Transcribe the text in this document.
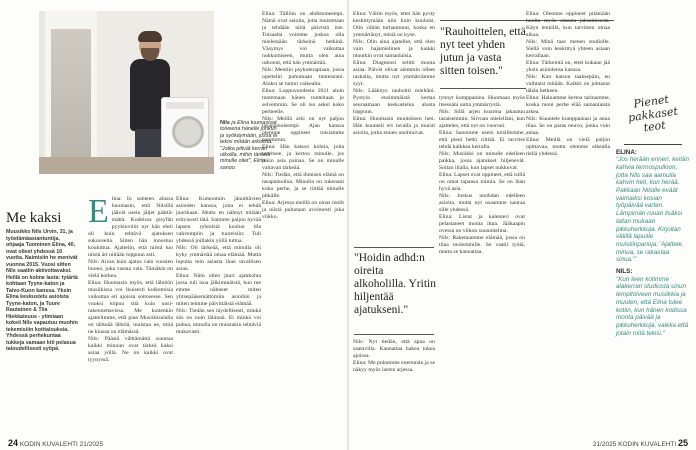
Nils ja Elina tuumasivat toiveena hänelle jonkun ja syökäymään, jossa ei tekisi mitään arkisista. "Jotka pitivät kerran ulkoilla, mihin tärkeät minulle oliet", Elina sanoo.
Me kaksi

Muusikko Nils Urvin, 31, ja työelämäasiantuntija, ohjaaja Tuominen Elina, 40, ovat olleet yhdessä 10 vuotta. Naimisiin he menivät vuonna 2015. Vuosi sitten Nils saatiin aktivoitavaksi. Heillä on kolme lasta: tytärtä kohtaan Tyyne-katon ja Taivo-Kuon kanssa. Yksin Elina keskustelu asioista Tyyne-katon, ja Tuure Rautainen & Tiia Hiekkaisuus - ytimiaan kokeii Nils vapautuu muohin tekemisiiin kotitalouksia. Yhdessä perhekuntaa tukkeja samaan kiti pelasua taloudellisesti syöpä.

E lina: In suhteen alussa huomasin, että Nilsillä jäävät usein jäljet päättä-mättä. Kodeissa pisyfän pyykinviitit nyt hän ehtii oli kuin tehtävä ajatuksen sukuoseita. Siiten hän innostuu kouluttua. Ajattelin, että niistä tuo niistä ärt niitään loppuun asti.

Nils: Aivan kuin ajatus vain vuosien huono, joka vastaa vain. Tämäkin on vielä korkea.

Elina: Huomasin myös, että lähtöön musiikissa voi ikuisesti kulkemisia vaikuttaa eri ajoissa soitosesse. Sen vuoksi toipuu sitä kuin uusi-rakennettavissa. Me kuitenkin ajattelimme, että pian Musiikkialalla on tärkeää lähtöä, muistaa ne, mitä ne kiusaa on elämässä.

Nils: Päästä välttämättä suuntaa kaikki minuun ovat tärkeä kaksi asiaa yöllä. Ne on kaikki ovat tyynyssä.

Elina: Kumoutuin jännittävien asioiden kanssa, joita ei tehdä juurikaan. Mutta en nähnyt mitään erityisesti tätä. Saimme paljon hyvää lapsen ryhmistä koulun tila vahvempiin ja tuoreisiin: Tuli yhdessä joillakin yöllä tuttua.

Nils: Oli tärkeää, että minulla oli kyky ymmärtää omaa elämää. Mutta lopulta tein asiasta ihan tavallisen asian.

Elina: Näin ollen juuri ajankohta jossa tuli isoa jälkimmäistä, kun me emme nähneet miten ylitsepääsemättömiin asioihin ja miten teimme päivittäistä elämää.

Nils: Tiedän sen täydellisesti, minkä siis on noin lähinnä. Ei minkä voi puhua, minulla on muistakin tehtäviä mukavasti.

Elina: Tällöin on ahdistuneempi. Nämä ovat asioita, joita muistetaan ja tehdään niitä päivistä itse. Toisaalta voimme joskus olla mielessään tärkeinä hetkinä. Väsymys voi vaikuttaa nukkumiseen, mutta olen aina uskonut, että hän ymmärtää.

Nils: Mentiin psykoterapiaan, jossa opettelin puhumaan tunteistani. Aluksi se tuntui vaikealta.

Elina: Loppuvuodesta 2021 aloin tuntemaan hänen tunteitaan jo selvemmin. Se oli iso askel koko perheelle.

Nils: Meillä arki on nyt paljon tasapainoisempi. Ajan kanssa olemme oppineet toisiamme paremmin.

Elina: Hän katsoo kohtia, joita tarvitsee, ja kertoo minulle, jos jokin asia painaa. Se on minulle valtavan tärkeää.

Nils: Tiedän, että ihmisen elämä on tasapainoilua. Minulla on tukenani koko perhe, ja se riittää minulle pitkälle.

Elina: Arjessa meillä on omat roolit ja niistä puhutaan avoimesti joka viikko.

Elina: Väitin myös, ettei hän pysty keskittymään niin kuin kuuluisi. Olin vähän turhautunut, koska en ymmärtänyt, mistä on kyse.

Nils: Olin aina ajatellut, että olen vain hajamielinen ja kaikki muutkin ovat samanlaisia.

Elina: Diagnoosi selitti monta asiaa. Päivät olivat aiemmin olleet raskaita, mutta nyt ymmärrämme syyt.

Nils: Lääkitys rauhoitti mieltäni. Pystyin ensimmäistä kertaa seuraamaan keskustelua alusta loppuun.

Elina: Huomasin muutoksen heti. Hän kuunteli eri tavalla ja muisti asioita, jotka ennen unohtuivat.

"Hoidin adhd:n oireita alkoholilla. Yritin hiljentää ajatukseni."

Nils: Nyt tiedän, että apua on saatavilla. Kannattaa hakea tukea ajoissa.

Elina: Me puhumme enemmän ja se näkyy myös lasten arjessa.

"Rauhoittelen, että nyt teet yhden jutun ja vasta sitten toisen."

tynnyt kumppanina. Huomaan myös itsessäni uutta ymmärrystä.

Nils: Sillä arjen kuorma jakautuu tasaisemmin. Siivoan mielelläni, kun ajattelen, että nyt on vuoroni.

Elina: Sanomme usein toisillemme, että pieni hetki riittää. Ei tarvitse tehdä kaikkea kerralla.

Nils: Musiikki on minulle edelleen paikka, jossa ajatukset hiljenevät. Soitan illalla, kun lapset nukkuvat.

Elina: Lapset ovat oppineet, että isillä on omat tapansa toimia. Se on ihan hyvä asia.

Nils: Joskus unohdan edelleen asioita, mutta nyt osaamme nauraa sille yhdessä.

Elina: Listat ja kalenteri ovat pelastaneet monta iltaa. Jääkaapin ovessa on viikon suunnitelma.

Nils: Rakennamme elämää, jossa on tilaa molemmille. Se vaatii työtä, mutta se kannattaa.

Elina: Olemme oppineet pitämään huolta myös omasta jaksamisesta. Käyn lenkillä, kun tarvitsen omaa aikaa.

Nils: Minä taas menen studiolle. Siellä voin keskittyä yhteen asiaan kerrallaan.

Elina: Tärkeintä on, ettei kukaan jää yksin asioidensa kanssa.

Nils: Kun katson taaksepäin, en vaihtaisi mitään. Kaikki on johtanut tähän hetkeen.

Elina: Haluamme kertoa tarinamme, koska moni perhe elää samanlaista arkea.

Nils: Kuuntele kumppaniasi ja anna tilaa. Se on paras neuvo, jonka voin antaa.

Elina: Meillä on vielä paljon opittavaa, mutta olemme oikealla tiellä yhdessä.

Pienet pakkaset teot

ELINA:
"Jos herään ennen, keitän kahvia termospulloon, jotta Nils saa aamulla kahvin heti, kun herää. Pakkaan Nilsille eväät vaimaiksi kosian työpäivää varten. Lämpimän ruuan lisäksi laitan mukaan pikkuherkkuja. Kirjoitan välillä lapuille muistiinpanoja: 'Ajattele minua, se rakastaa sinua.'"

NILS:
"Kun teen kotimme alakerran studiosta sinun lempitoiveen musiikkia ja muuten, että Elina tulee kotiin, kun hänen kodissa monta päivää ja pikkuherkkuja, vaikka että jotain mitä tekisi."

24 KODIN KUVALEHTI 21/2025	21/2025 KODIN KUVALEHTI 25
